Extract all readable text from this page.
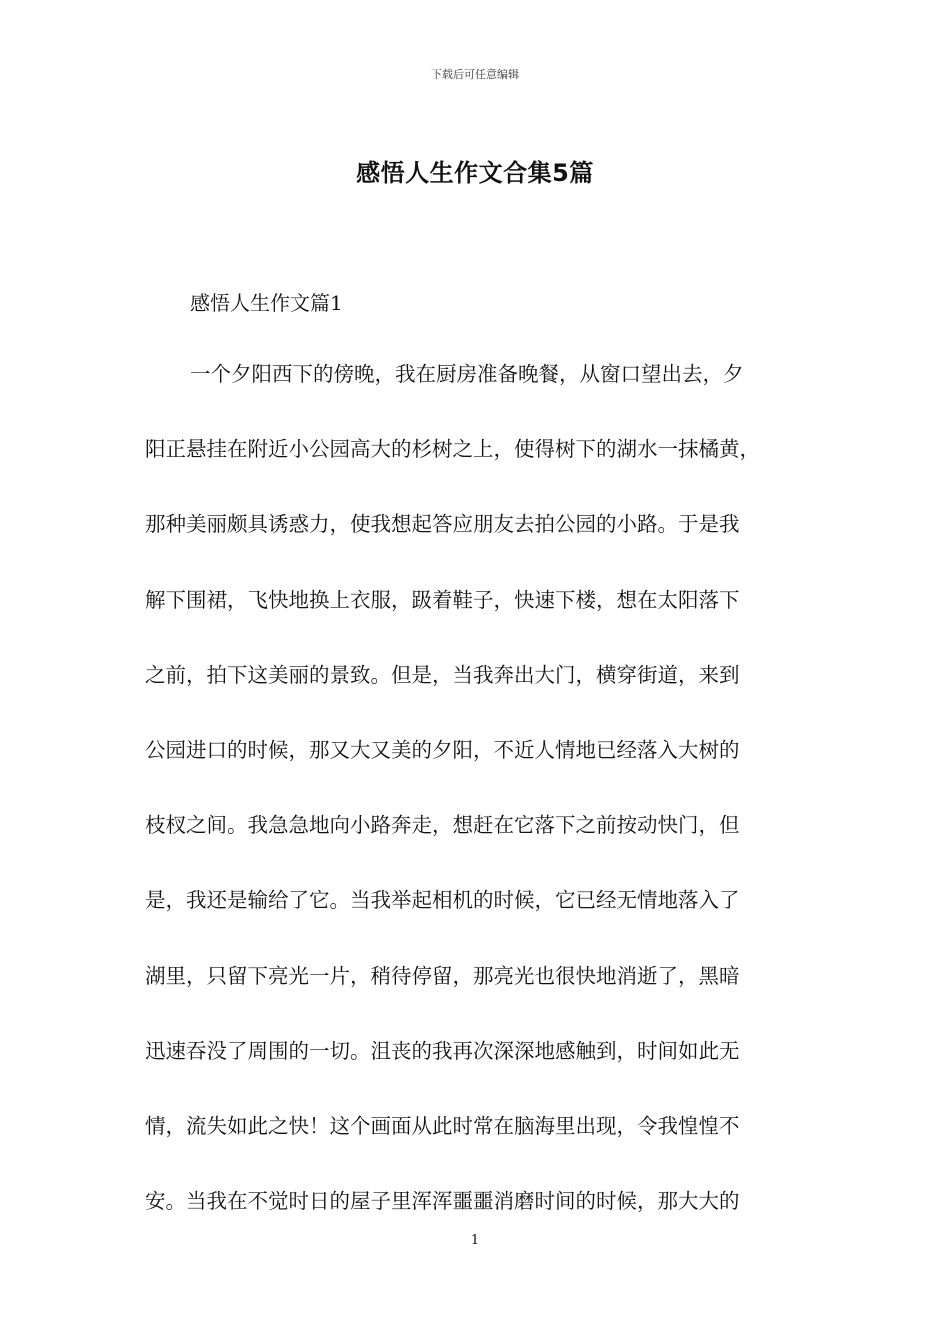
下载后可任意编辑
感悟人生作文合集5篇
感悟人生作文篇1
一个夕阳西下的傍晚，我在厨房准备晚餐，从窗口望出去，夕
阳正悬挂在附近小公园高大的杉树之上，使得树下的湖水一抹橘黄，
那种美丽颇具诱惑力，使我想起答应朋友去拍公园的小路。于是我
解下围裙，飞快地换上衣服，趿着鞋子，快速下楼，想在太阳落下
之前，拍下这美丽的景致。但是，当我奔出大门，横穿街道，来到
公园进口的时候，那又大又美的夕阳，不近人情地已经落入大树的
枝杈之间。我急急地向小路奔走，想赶在它落下之前按动快门，但
是，我还是输给了它。当我举起相机的时候，它已经无情地落入了
湖里，只留下亮光一片，稍待停留，那亮光也很快地消逝了，黑暗
迅速吞没了周围的一切。沮丧的我再次深深地感触到，时间如此无
情，流失如此之快！这个画面从此时常在脑海里出现，令我惶惶不
安。当我在不觉时日的屋子里浑浑噩噩消磨时间的时候，那大大的
1
